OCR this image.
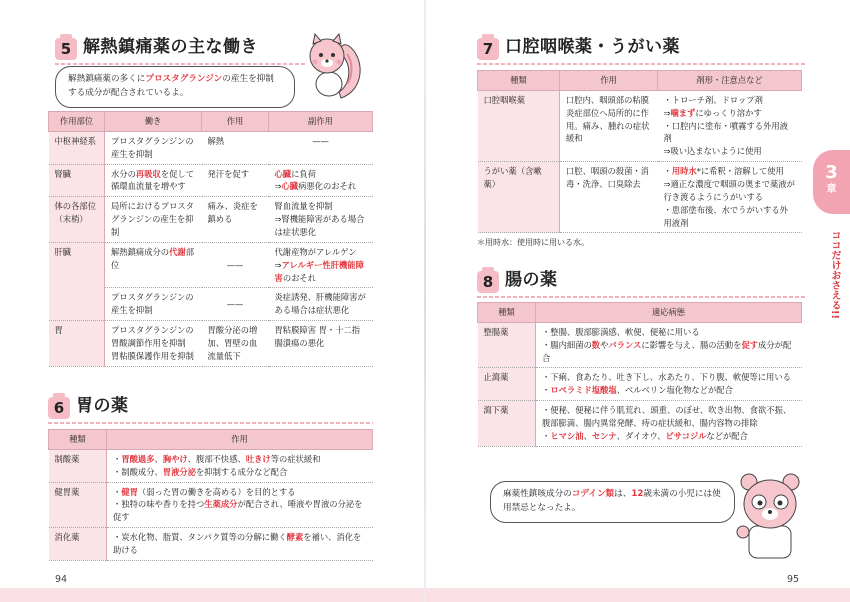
5 解熱鎮痛薬の主な働き
解熱鎮痛薬の多くにプロスタグランジンの産生を抑制する成分が配合されているよ。
作用部位	働き	作用	副作用
中枢神経系	プロスタグランジンの産生を抑制	解熱	——
腎臓	水分の再吸収を促して循環血流量を増やす	発汗を促す	心臓に負荷
⇒心臓病悪化のおそれ
体の各部位（末梢）	局所におけるプロスタグランジンの産生を抑制	痛み、炎症を鎮める	腎血流量を抑制
⇒腎機能障害がある場合は症状悪化
肝臓	解熱鎮痛成分の代謝部位	——	代謝産物がアレルゲン
⇒アレルギー性肝機能障害のおそれ
	プロスタグランジンの産生を抑制	——	炎症誘発、肝機能障害がある場合は症状悪化
胃	プロスタグランジンの胃酸調節作用を抑制 胃粘膜保護作用を抑制	胃酸分泌の増加、胃壁の血流量低下	胃粘膜障害 胃・十二指腸潰瘍の悪化
6 胃の薬
種類	作用
制酸薬	・胃酸過多、胸やけ、腹部不快感、吐きけ等の症状緩和
・制酸成分、胃液分泌を抑制する成分など配合
健胃薬	・健胃（弱った胃の働きを高める）を目的とする
・独特の味や香りを持つ生薬成分が配合され、唾液や胃液の分泌を促す
消化薬	・炭水化物、脂質、タンパク質等の分解に働く酵素を補い、消化を助ける
94
7 口腔咽喉薬・うがい薬
種類	作用	剤形・注意点など
口腔咽喉薬	口腔内、咽頭部の粘膜炎症部位へ局所的に作用。痛み、腫れの症状緩和	・トローチ剤、ドロップ剤
⇒噛まずにゆっくり溶かす
・口腔内に塗布・噴霧する外用液剤
⇒吸い込まないように使用
うがい薬（含嗽薬）	口腔、咽頭の殺菌・消毒・洗浄、口臭除去	・用時水*に希釈・溶解して使用
⇒適正な濃度で咽頭の奥まで薬液が行き渡るようにうがいする
・患部塗布後、水でうがいする外用液剤
＊用時水：使用時に用いる水。
8 腸の薬
種類	適応病態
整腸薬	・整腸、腹部膨満感、軟便、便秘に用いる
・腸内細菌の数やバランスに影響を与え、腸の活動を促す成分が配合
止瀉薬	・下痢、食あたり、吐き下し、水あたり、下り腹、軟便等に用いる
・ロペラミド塩酸塩、ベルベリン塩化物などが配合
瀉下薬	・便秘、便秘に伴う肌荒れ、頭重、のぼせ、吹き出物、食欲不振、腹部膨満、腸内異常発酵、痔の症状緩和、腸内容物の排除
・ヒマシ油、センナ、ダイオウ、ビサコジルなどが配合
麻薬性鎮咳成分のコデイン類は、12歳未満の小児には使用禁忌となったよ。
95
3
章
ココだけおさえる!!
